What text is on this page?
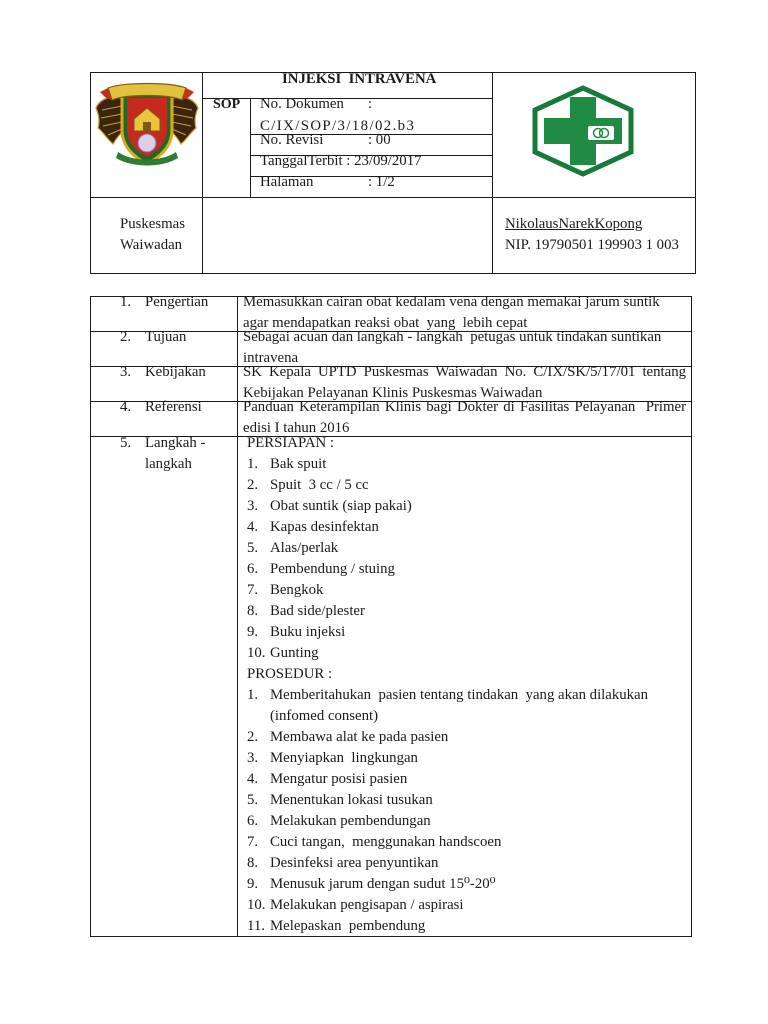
INJEKSI  INTRAVENA
SOP No. Dokumen :
C/IX/SOP/3/18/02.b3
No. Revisi	: 00
TanggalTerbit : 23/09/2017
Halaman	: 1/2
Puskesmas
Waiwadan
NikolausNarekKopong
NIP. 19790501 199903 1 003
1. Pengertian Memasukkan cairan obat kedalam vena dengan memakai jarum suntik agar mendapatkan reaksi obat  yang  lebih cepat
2. Tujuan	Sebagai acuan dan langkah - langkah  petugas untuk tindakan suntikan intravena
3. Kebijakan	SK Kepala UPTD Puskesmas Waiwadan No. C/IX/SK/5/17/01 tentang Kebijakan Pelayanan Klinis Puskesmas Waiwadan
4. Referensi	Panduan Keterampilan Klinis bagi Dokter di Fasilitas Pelayanan  Primer edisi I tahun 2016
5. Langkah - langkah
PERSIAPAN :
1. Bak spuit
2. Spuit  3 cc / 5 cc
3. Obat suntik (siap pakai)
4. Kapas desinfektan
5. Alas/perlak
6. Pembendung / stuing
7. Bengkok
8. Bad side/plester
9. Buku injeksi
10. Gunting
PROSEDUR :
1. Memberitahukan  pasien tentang tindakan  yang akan dilakukan (infomed consent)
2. Membawa alat ke pada pasien
3. Menyiapkan  lingkungan
4. Mengatur posisi pasien
5. Menentukan lokasi tusukan
6. Melakukan pembendungan
7. Cuci tangan,  menggunakan handscoen
8. Desinfeksi area penyuntikan
9. Menusuk jarum dengan sudut 15⁰-20⁰
10. Melakukan pengisapan / aspirasi
11. Melepaskan  pembendung
